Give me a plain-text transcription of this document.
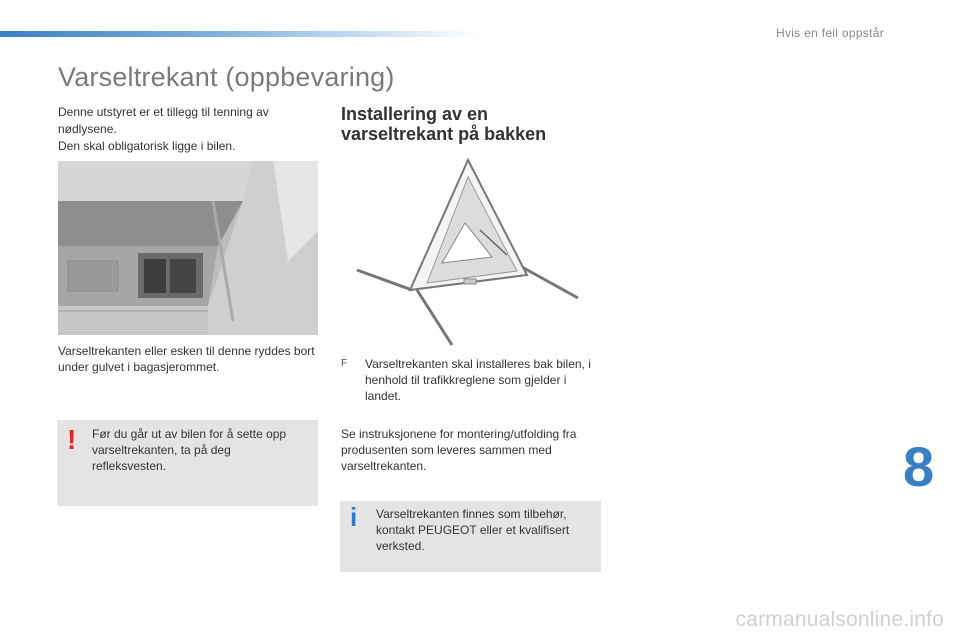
Hvis en feil oppstår
Varseltrekant (oppbevaring)

Denne utstyret er et tillegg til tenning av nødlysene.

Den skal obligatorisk ligge i bilen.

Varseltrekanten eller esken til denne ryddes bort under gulvet i bagasjerommet.

! Før du går ut av bilen for å sette opp varseltrekanten, ta på deg refleksvesten.

Installering av en varseltrekant på bakken
F Varseltrekanten skal installeres bak bilen, i henhold til trafikkreglene som gjelder i landet.

Se instruksjonene for montering/utfolding fra produsenten som leveres sammen med varseltrekanten.

i Varseltrekanten finnes som tilbehør, kontakt PEUGEOT eller et kvalifisert verksted.

8
carmanualsonline.info
